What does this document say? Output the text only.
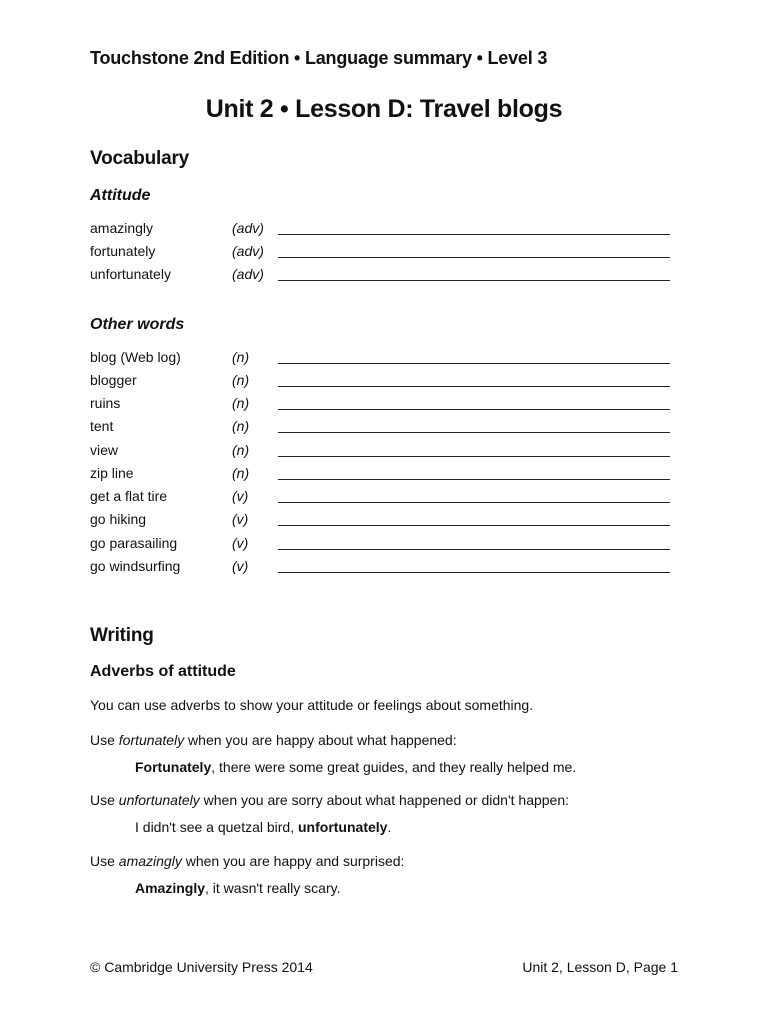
Touchstone 2nd Edition • Language summary • Level 3
Unit 2 • Lesson D: Travel blogs
Vocabulary
Attitude
amazingly	(adv)
fortunately	(adv)
unfortunately	(adv)
Other words
blog (Web log)	(n)
blogger	(n)
ruins	(n)
tent	(n)
view	(n)
zip line	(n)
get a flat tire	(v)
go hiking	(v)
go parasailing	(v)
go windsurfing	(v)
Writing
Adverbs of attitude
You can use adverbs to show your attitude or feelings about something.
Use fortunately when you are happy about what happened:
Fortunately, there were some great guides, and they really helped me.
Use unfortunately when you are sorry about what happened or didn't happen:
I didn't see a quetzal bird, unfortunately.
Use amazingly when you are happy and surprised:
Amazingly, it wasn't really scary.
© Cambridge University Press 2014	Unit 2, Lesson D, Page 1
